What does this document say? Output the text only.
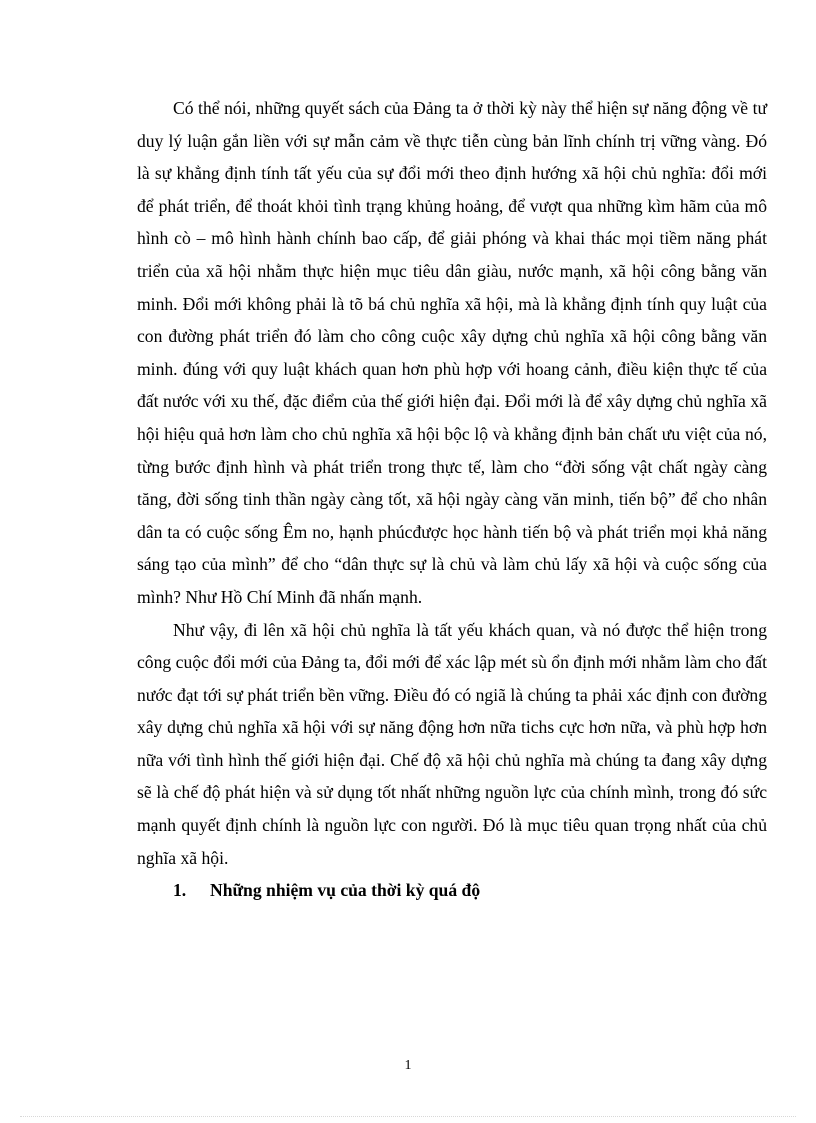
Có thể nói, những quyết sách của Đảng ta ở thời kỳ này thể hiện sự năng động về tư duy lý luận gắn liền với sự mẫn cảm về thực tiễn cùng bản lĩnh chính trị vững vàng. Đó là sự khẳng định tính tất yếu của sự đổi mới theo định hướng xã hội chủ nghĩa: đổi mới để phát triển, để thoát khỏi tình trạng khủng hoảng, để vượt qua những kìm hãm của mô hình cò – mô hình hành chính bao cấp, để giải phóng và khai thác mọi tiềm năng phát triển của xã hội nhằm thực hiện mục tiêu dân giàu, nước mạnh, xã hội công bằng văn minh. Đổi mới không phải là tõ bá chủ nghĩa xã hội, mà là khẳng định tính quy luật của con đường phát triển đó làm cho công cuộc xây dựng chủ nghĩa xã hội công bằng văn minh. đúng với quy luật khách quan hơn phù hợp với hoang cảnh, điều kiện thực tế của đất nước với xu thế, đặc điểm của thế giới hiện đại. Đổi mới là để xây dựng chủ nghĩa xã hội hiệu quả hơn làm cho chủ nghĩa xã hội bộc lộ và khẳng định bản chất ưu việt của nó, từng bước định hình và phát triển trong thực tế, làm cho “đời sống vật chất ngày càng tăng, đời sống tinh thần ngày càng tốt, xã hội ngày càng văn minh, tiến bộ” để cho nhân dân ta có cuộc sống Êm no, hạnh phúcđược học hành tiến bộ và phát triển mọi khả năng sáng tạo của mình” để cho “dân thực sự là chủ và làm chủ lấy xã hội và cuộc sống của mình? Như Hồ Chí Minh đã nhấn mạnh.

Như vậy, đi lên xã hội chủ nghĩa là tất yếu khách quan, và nó được thể hiện trong công cuộc đổi mới của Đảng ta, đổi mới để xác lập mét sù ổn định mới nhằm làm cho đất nước đạt tới sự phát triển bền vững. Điều đó có ngiã là chúng ta phải xác định con đường xây dựng chủ nghĩa xã hội với sự năng động hơn nữa tichs cực hơn nữa, và phù hợp hơn nữa với tình hình thế giới hiện đại. Chế độ xã hội chủ nghĩa mà chúng ta đang xây dựng sẽ là chế độ phát hiện và sử dụng tốt nhất những nguồn lực của chính mình, trong đó sức mạnh quyết định chính là nguồn lực con người. Đó là mục tiêu quan trọng nhất của chủ nghĩa xã hội.

1. Những nhiệm vụ của thời kỳ quá độ

1
